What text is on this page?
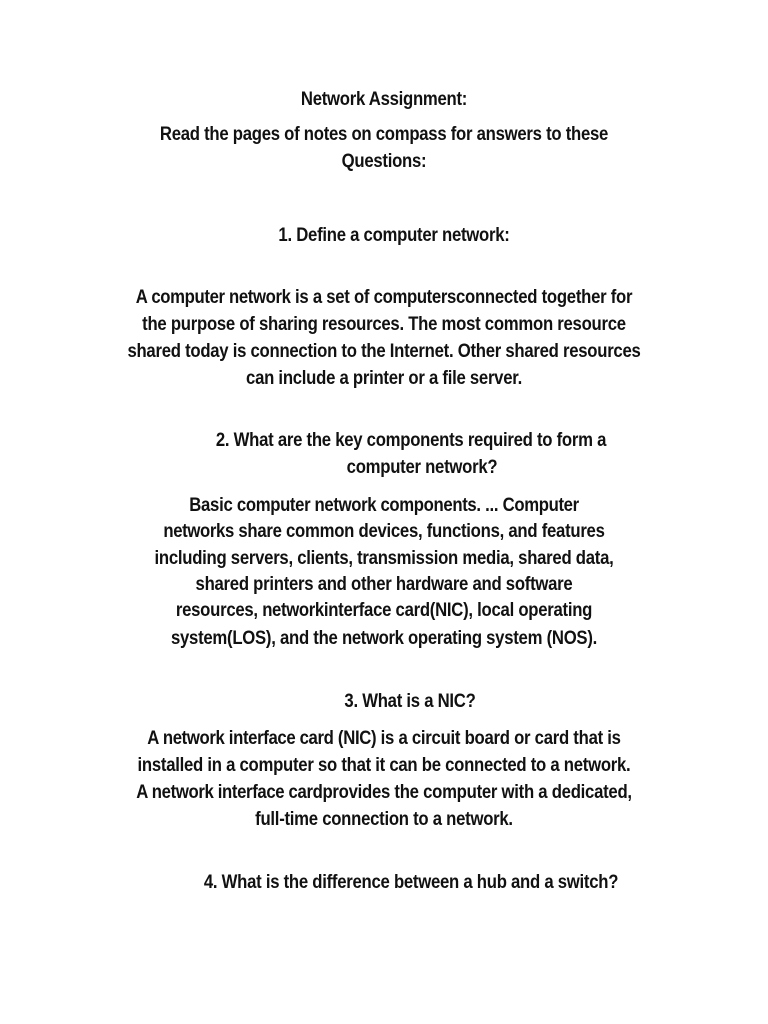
Network Assignment:
Read the pages of notes on compass for answers to these
Questions:
1. Define a computer network:
A computer network is a set of computersconnected together for
the purpose of sharing resources. The most common resource
shared today is connection to the Internet. Other shared resources
can include a printer or a file server.
2. What are the key components required to form a
computer network?
Basic computer network components. ... Computer
networks share common devices, functions, and features
including servers, clients, transmission media, shared data,
shared printers and other hardware and software
resources, networkinterface card(NIC), local operating
system(LOS), and the network operating system (NOS).
3. What is a NIC?
A network interface card (NIC) is a circuit board or card that is
installed in a computer so that it can be connected to a network.
A network interface cardprovides the computer with a dedicated,
full-time connection to a network.
4. What is the difference between a hub and a switch?
